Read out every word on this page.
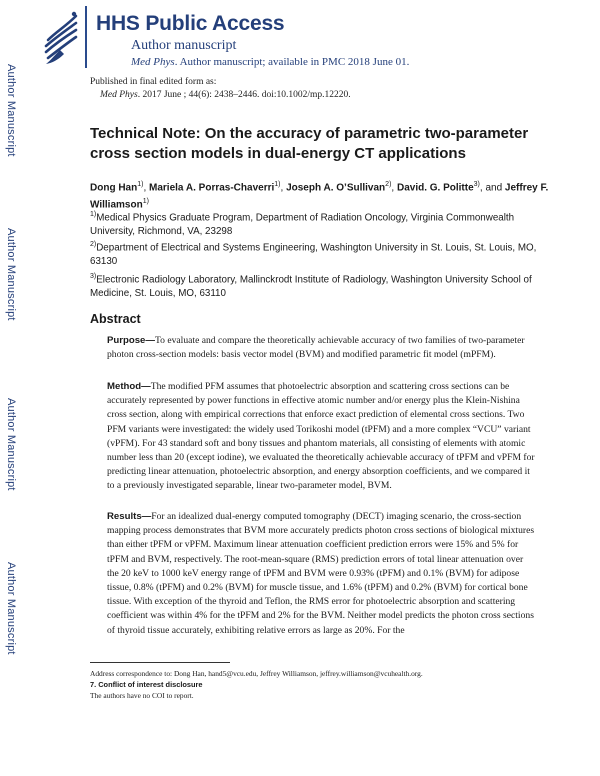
Author Manuscript
Author Manuscript
Author Manuscript
Author Manuscript
HHS Public Access
Author manuscript
Med Phys. Author manuscript; available in PMC 2018 June 01.
Published in final edited form as:
Med Phys. 2017 June ; 44(6): 2438–2446. doi:10.1002/mp.12220.
Technical Note: On the accuracy of parametric two-parameter cross section models in dual-energy CT applications
Dong Han$^{1)}$, Mariela A. Porras-Chaverri$^{1)}$, Joseph A. O’Sullivan$^{2)}$, David. G. Politte$^{3)}$, and Jeffrey F. Williamson$^{1)}$
$^{1)}$Medical Physics Graduate Program, Department of Radiation Oncology, Virginia Commonwealth University, Richmond, VA, 23298
$^{2)}$Department of Electrical and Systems Engineering, Washington University in St. Louis, St. Louis, MO, 63130
$^{3)}$Electronic Radiology Laboratory, Mallinckrodt Institute of Radiology, Washington University School of Medicine, St. Louis, MO, 63110
Abstract
Purpose—To evaluate and compare the theoretically achievable accuracy of two families of two-parameter photon cross-section models: basis vector model (BVM) and modified parametric fit model (mPFM).
Method—The modified PFM assumes that photoelectric absorption and scattering cross sections can be accurately represented by power functions in effective atomic number and/or energy plus the Klein-Nishina cross section, along with empirical corrections that enforce exact prediction of elemental cross sections. Two PFM variants were investigated: the widely used Torikoshi model (tPFM) and a more complex “VCU” variant (vPFM). For 43 standard soft and bony tissues and phantom materials, all consisting of elements with atomic number less than 20 (except iodine), we evaluated the theoretically achievable accuracy of tPFM and vPFM for predicting linear attenuation, photoelectric absorption, and energy absorption coefficients, and we compared it to a previously investigated separable, linear two-parameter model, BVM.
Results—For an idealized dual-energy computed tomography (DECT) imaging scenario, the cross-section mapping process demonstrates that BVM more accurately predicts photon cross sections of biological mixtures than either tPFM or vPFM. Maximum linear attenuation coefficient prediction errors were 15% and 5% for tPFM and BVM, respectively. The root-mean-square (RMS) prediction errors of total linear attenuation over the 20 keV to 1000 keV energy range of tPFM and BVM were 0.93% (tPFM) and 0.1% (BVM) for adipose tissue, 0.8% (tPFM) and 0.2% (BVM) for muscle tissue, and 1.6% (tPFM) and 0.2% (BVM) for cortical bone tissue. With exception of the thyroid and Teflon, the RMS error for photoelectric absorption and scattering coefficient was within 4% for the tPFM and 2% for the BVM. Neither model predicts the photon cross sections of thyroid tissue accurately, exhibiting relative errors as large as 20%. For the
Address correspondence to: Dong Han, hand5@vcu.edu, Jeffrey Williamson, jeffrey.williamson@vcuhealth.org.
7. Conflict of interest disclosure
The authors have no COI to report.
